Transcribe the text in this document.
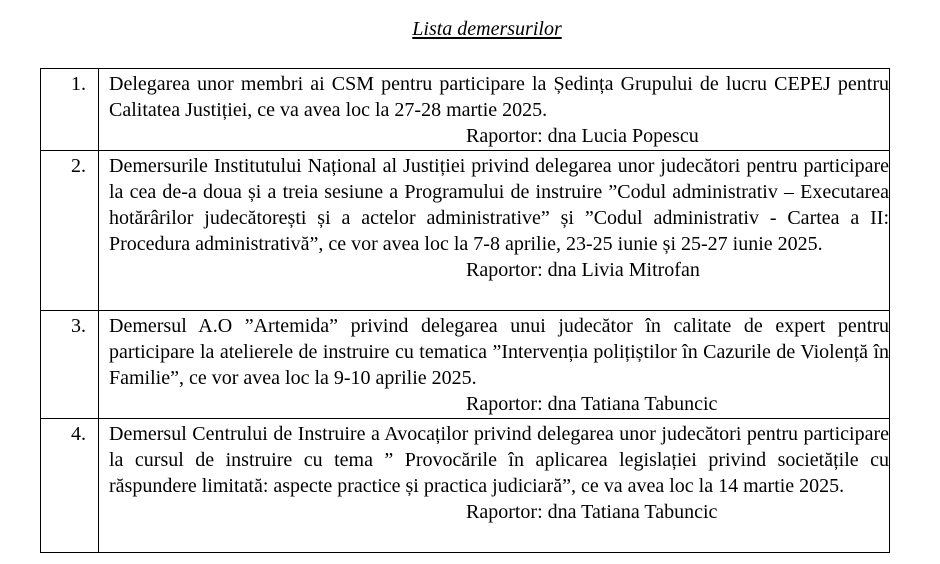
Lista demersurilor
1.	Delegarea unor membri ai CSM pentru participare la Ședința Grupului de lucru CEPEJ pentru Calitatea Justiției, ce va avea loc la 27-28 martie 2025.

Raportor: dna Lucia Popescu

2.	Demersurile Institutului Național al Justiției privind delegarea unor judecători pentru participare la cea de-a doua și a treia sesiune a Programului de instruire ”Codul administrativ – Executarea hotărârilor judecătorești și a actelor administrative” și ”Codul administrativ - Cartea a II: Procedura administrativă”, ce vor avea loc la 7-8 aprilie, 23-25 iunie și 25-27 iunie 2025.

Raportor: dna Livia Mitrofan

3.	Demersul A.O ”Artemida” privind delegarea unui judecător în calitate de expert pentru participare la atelierele de instruire cu tematica ”Intervenția polițiștilor în Cazurile de Violență în Familie”, ce vor avea loc la 9-10 aprilie 2025.

Raportor: dna Tatiana Tabuncic

4.	Demersul Centrului de Instruire a Avocaților privind delegarea unor judecători pentru participare la cursul de instruire cu tema ” Provocările în aplicarea legislației privind societățile cu răspundere limitată: aspecte practice și practica judiciară”, ce va avea loc la 14 martie 2025.

Raportor: dna Tatiana Tabuncic
